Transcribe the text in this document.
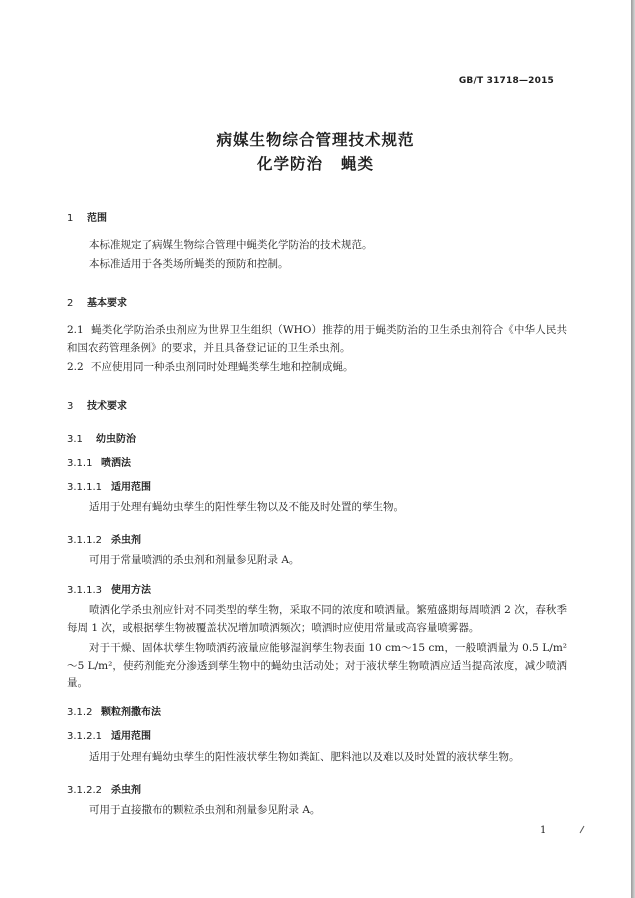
GB/T 31718—2015
病媒生物综合管理技术规范
化学防治 蝇类
1 范围
本标准规定了病媒生物综合管理中蝇类化学防治的技术规范。
本标准适用于各类场所蝇类的预防和控制。
2 基本要求
2.1 蝇类化学防治杀虫剂应为世界卫生组织（WHO）推荐的用于蝇类防治的卫生杀虫剂符合《中华人民共和国农药管理条例》的要求，并且具备登记证的卫生杀虫剂。
2.2 不应使用同一种杀虫剂同时处理蝇类孳生地和控制成蝇。
3 技术要求
3.1 幼虫防治
3.1.1 喷洒法
3.1.1.1 适用范围
适用于处理有蝇幼虫孳生的阳性孳生物以及不能及时处置的孳生物。
3.1.1.2 杀虫剂
可用于常量喷洒的杀虫剂和剂量参见附录 A。
3.1.1.3 使用方法
喷洒化学杀虫剂应针对不同类型的孳生物，采取不同的浓度和喷洒量。繁殖盛期每周喷洒 2 次，春秋季每周 1 次，或根据孳生物被覆盖状况增加喷洒频次；喷洒时应使用常量或高容量喷雾器。
对于干燥、固体状孳生物喷洒药液量应能够湿润孳生物表面 10 cm～15 cm，一般喷洒量为 0.5 L/m²～5 L/m²，使药剂能充分渗透到孳生物中的蝇幼虫活动处；对于液状孳生物喷洒应适当提高浓度，减少喷洒量。
3.1.2 颗粒剂撒布法
3.1.2.1 适用范围
适用于处理有蝇幼虫孳生的阳性液状孳生物如粪缸、肥料池以及难以及时处置的液状孳生物。
3.1.2.2 杀虫剂
可用于直接撒布的颗粒杀虫剂和剂量参见附录 A。
1
